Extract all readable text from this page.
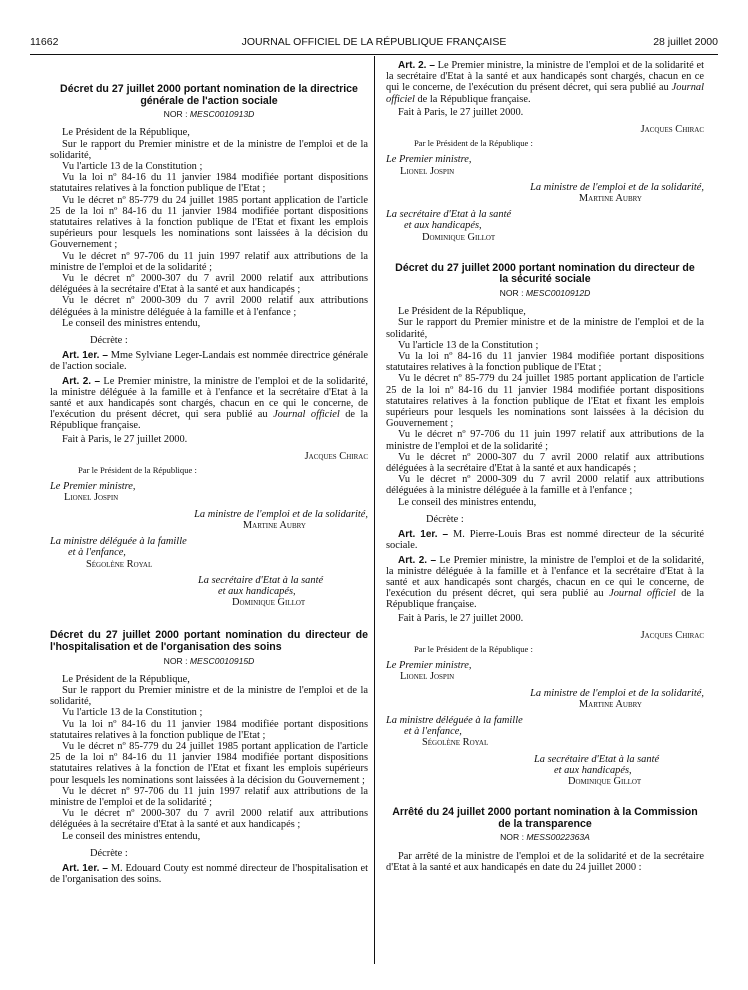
11662	JOURNAL OFFICIEL DE LA RÉPUBLIQUE FRANÇAISE	28 juillet 2000
Décret du 27 juillet 2000 portant nomination de la directrice générale de l'action sociale
NOR : MESC0010913D

Le Président de la République,

Sur le rapport du Premier ministre et de la ministre de l'emploi et de la solidarité,

Vu l'article 13 de la Constitution ;

Vu la loi nº 84-16 du 11 janvier 1984 modifiée portant dispositions statutaires relatives à la fonction publique de l'Etat ;

Vu le décret nº 85-779 du 24 juillet 1985 portant application de l'article 25 de la loi nº 84-16 du 11 janvier 1984 modifiée portant dispositions statutaires relatives à la fonction publique de l'Etat et fixant les emplois supérieurs pour lesquels les nominations sont laissées à la décision du Gouvernement ;

Vu le décret nº 97-706 du 11 juin 1997 relatif aux attributions de la ministre de l'emploi et de la solidarité ;

Vu le décret nº 2000-307 du 7 avril 2000 relatif aux attributions déléguées à la secrétaire d'Etat à la santé et aux handicapés ;

Vu le décret nº 2000-309 du 7 avril 2000 relatif aux attributions déléguées à la ministre déléguée à la famille et à l'enfance ;

Le conseil des ministres entendu,

Décrète :

Art. 1er. – Mme Sylviane Leger-Landais est nommée directrice générale de l'action sociale.

Art. 2. – Le Premier ministre, la ministre de l'emploi et de la solidarité, la ministre déléguée à la famille et à l'enfance et la secrétaire d'Etat à la santé et aux handicapés sont chargés, chacun en ce qui le concerne, de l'exécution du présent décret, qui sera publié au Journal officiel de la République française.

Fait à Paris, le 27 juillet 2000.

Jacques Chirac
Par le Président de la République :
Le Premier ministre,
Lionel Jospin
La ministre de l'emploi et de la solidarité,
Martine Aubry
La ministre déléguée à la famille
et à l'enfance,
Ségolène Royal
La secrétaire d'Etat à la santé
et aux handicapés,
Dominique Gillot
Décret du 27 juillet 2000 portant nomination du directeur de l'hospitalisation et de l'organisation des soins
NOR : MESC0010915D

Le Président de la République,

Sur le rapport du Premier ministre et de la ministre de l'emploi et de la solidarité,

Vu l'article 13 de la Constitution ;

Vu la loi nº 84-16 du 11 janvier 1984 modifiée portant dispositions statutaires relatives à la fonction publique de l'Etat ;

Vu le décret nº 85-779 du 24 juillet 1985 portant application de l'article 25 de la loi nº 84-16 du 11 janvier 1984 modifiée portant dispositions statutaires relatives à la fonction de l'Etat et fixant les emplois supérieurs pour lesquels les nominations sont laissées à la décision du Gouvernement ;

Vu le décret nº 97-706 du 11 juin 1997 relatif aux attributions de la ministre de l'emploi et de la solidarité ;

Vu le décret nº 2000-307 du 7 avril 2000 relatif aux attributions déléguées à la secrétaire d'Etat à la santé et aux handicapés ;

Le conseil des ministres entendu,

Décrète :

Art. 1er. – M. Edouard Couty est nommé directeur de l'hospitalisation et de l'organisation des soins.

Art. 2. – Le Premier ministre, la ministre de l'emploi et de la solidarité et la secrétaire d'Etat à la santé et aux handicapés sont chargés, chacun en ce qui le concerne, de l'exécution du présent décret, qui sera publié au Journal officiel de la République française.

Fait à Paris, le 27 juillet 2000.

Jacques Chirac
Par le Président de la République :
Le Premier ministre,
Lionel Jospin
La ministre de l'emploi et de la solidarité,
Martine Aubry
La secrétaire d'Etat à la santé
et aux handicapés,
Dominique Gillot
Décret du 27 juillet 2000 portant nomination du directeur de la sécurité sociale
NOR : MESC0010912D

Le Président de la République,

Sur le rapport du Premier ministre et de la ministre de l'emploi et de la solidarité,

Vu l'article 13 de la Constitution ;

Vu la loi nº 84-16 du 11 janvier 1984 modifiée portant dispositions statutaires relatives à la fonction publique de l'Etat ;

Vu le décret nº 85-779 du 24 juillet 1985 portant application de l'article 25 de la loi nº 84-16 du 11 janvier 1984 modifiée portant dispositions statutaires relatives à la fonction publique de l'Etat et fixant les emplois supérieurs pour lesquels les nominations sont laissées à la décision du Gouvernement ;

Vu le décret nº 97-706 du 11 juin 1997 relatif aux attributions de la ministre de l'emploi et de la solidarité ;

Vu le décret nº 2000-307 du 7 avril 2000 relatif aux attributions déléguées à la secrétaire d'Etat à la santé et aux handicapés ;

Vu le décret nº 2000-309 du 7 avril 2000 relatif aux attributions déléguées à la ministre déléguée à la famille et à l'enfance ;

Le conseil des ministres entendu,

Décrète :

Art. 1er. – M. Pierre-Louis Bras est nommé directeur de la sécurité sociale.

Art. 2. – Le Premier ministre, la ministre de l'emploi et de la solidarité, la ministre déléguée à la famille et à l'enfance et la secrétaire d'Etat à la santé et aux handicapés sont chargés, chacun en ce qui le concerne, de l'exécution du présent décret, qui sera publié au Journal officiel de la République française.

Fait à Paris, le 27 juillet 2000.

Jacques Chirac
Par le Président de la République :
Le Premier ministre,
Lionel Jospin
La ministre de l'emploi et de la solidarité,
Martine Aubry
La ministre déléguée à la famille
et à l'enfance,
Ségolène Royal
La secrétaire d'Etat à la santé
et aux handicapés,
Dominique Gillot
Arrêté du 24 juillet 2000 portant nomination à la Commission de la transparence
NOR : MESS0022363A

Par arrêté de la ministre de l'emploi et de la solidarité et de la secrétaire d'Etat à la santé et aux handicapés en date du 24 juillet 2000 :
